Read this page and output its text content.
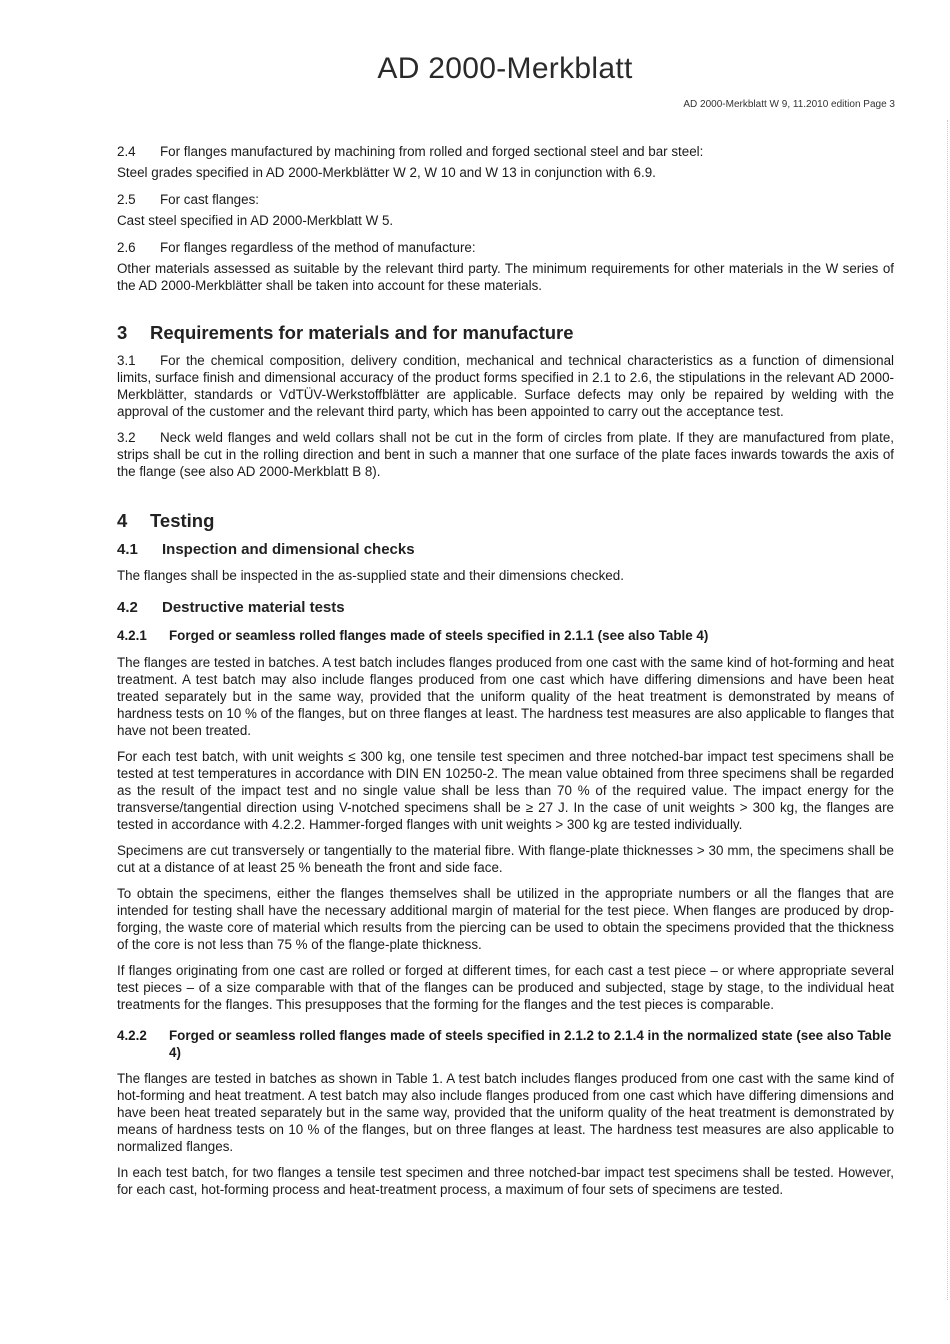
AD 2000-Merkblatt
AD 2000-Merkblatt W 9, 11.2010 edition Page 3

2.4 For flanges manufactured by machining from rolled and forged sectional steel and bar steel:

Steel grades specified in AD 2000-Merkblätter W 2, W 10 and W 13 in conjunction with 6.9.

2.5 For cast flanges:

Cast steel specified in AD 2000-Merkblatt W 5.

2.6 For flanges regardless of the method of manufacture:

Other materials assessed as suitable by the relevant third party. The minimum requirements for other materials in the W series of the AD 2000-Merkblätter shall be taken into account for these materials.

3 Requirements for materials and for manufacture

3.1 For the chemical composition, delivery condition, mechanical and technical characteristics as a function of dimensional limits, surface finish and dimensional accuracy of the product forms specified in 2.1 to 2.6, the stipulations in the relevant AD 2000-Merkblätter, standards or VdTÜV-Werkstoffblätter are applicable. Surface defects may only be repaired by welding with the approval of the customer and the relevant third party, which has been appointed to carry out the acceptance test.

3.2 Neck weld flanges and weld collars shall not be cut in the form of circles from plate. If they are manufactured from plate, strips shall be cut in the rolling direction and bent in such a manner that one surface of the plate faces inwards towards the axis of the flange (see also AD 2000-Merkblatt B 8).

4 Testing

4.1 Inspection and dimensional checks

The flanges shall be inspected in the as-supplied state and their dimensions checked.

4.2 Destructive material tests

4.2.1	Forged or seamless rolled flanges made of steels specified in 2.1.1 (see also Table 4)

The flanges are tested in batches. A test batch includes flanges produced from one cast with the same kind of hot-forming and heat treatment. A test batch may also include flanges produced from one cast which have differing dimensions and have been heat treated separately but in the same way, provided that the uniform quality of the heat treatment is demonstrated by means of hardness tests on 10 % of the flanges, but on three flanges at least. The hardness test measures are also applicable to flanges that have not been treated.

For each test batch, with unit weights ≤ 300 kg, one tensile test specimen and three notched-bar impact test specimens shall be tested at test temperatures in accordance with DIN EN 10250-2. The mean value obtained from three specimens shall be regarded as the result of the impact test and no single value shall be less than 70 % of the required value. The impact energy for the transverse/tangential direction using V-notched specimens shall be ≥ 27 J. In the case of unit weights > 300 kg, the flanges are tested in accordance with 4.2.2. Hammer-forged flanges with unit weights > 300 kg are tested individually.

Specimens are cut transversely or tangentially to the material fibre. With flange-plate thicknesses > 30 mm, the specimens shall be cut at a distance of at least 25 % beneath the front and side face.

To obtain the specimens, either the flanges themselves shall be utilized in the appropriate numbers or all the flanges that are intended for testing shall have the necessary additional margin of material for the test piece. When flanges are produced by drop-forging, the waste core of material which results from the piercing can be used to obtain the specimens provided that the thickness of the core is not less than 75 % of the flange-plate thickness.

If flanges originating from one cast are rolled or forged at different times, for each cast a test piece – or where appropriate several test pieces – of a size comparable with that of the flanges can be produced and subjected, stage by stage, to the individual heat treatments for the flanges. This presupposes that the forming for the flanges and the test pieces is comparable.

4.2.2	Forged or seamless rolled flanges made of steels specified in 2.1.2 to 2.1.4 in the normalized state (see also Table 4)

The flanges are tested in batches as shown in Table 1. A test batch includes flanges produced from one cast with the same kind of hot-forming and heat treatment. A test batch may also include flanges produced from one cast which have differing dimensions and have been heat treated separately but in the same way, provided that the uniform quality of the heat treatment is demonstrated by means of hardness tests on 10 % of the flanges, but on three flanges at least. The hardness test measures are also applicable to normalized flanges.

In each test batch, for two flanges a tensile test specimen and three notched-bar impact test specimens shall be tested. However, for each cast, hot-forming process and heat-treatment process, a maximum of four sets of specimens are tested.
